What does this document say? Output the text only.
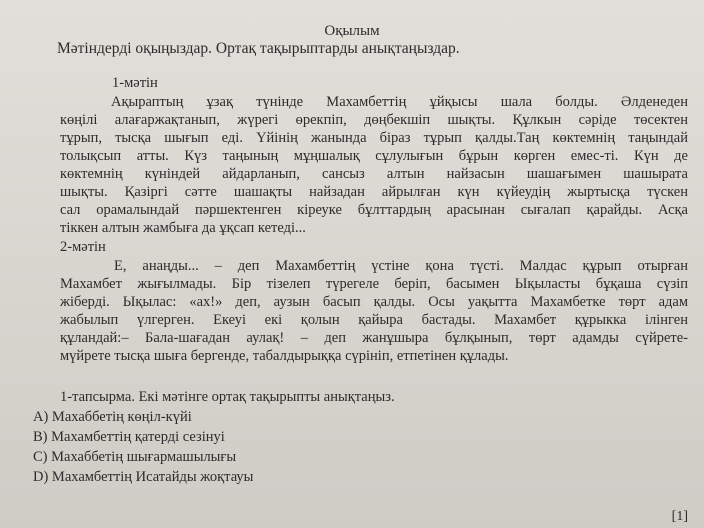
Оқылым
Мәтіндерді оқыңыздар. Ортақ тақырыптарды анықтаңыздар.
1-мәтін
Ақыраптың ұзақ түнінде Махамбеттің ұйқысы шала болды. Әлденеден
көңілі алағаржақтанып, жүрегі өрекпіп, дөңбекшіп шықты. Құлкын сәріде төсектен
тұрып, тысқа шығып еді. Үйінің жанында біраз тұрып қалды.Таң көктемнің таңындай
толықсып атты. Күз таңының мұңшалық сұлулығын бұрын көрген емес-ті. Күн де
көктемнің күніндей айдарланып, сансыз алтын найзасын шашағымен шашырата
шықты. Қазіргі сәтте шашақты найзадан айрылған күн күйеудің жыртысқа түскен
сал орамалындай пәршектенген кіреуке бұлттардың арасынан сығалап қарайды. Асқа
тіккен алтын жамбыға да ұқсап кетеді...
2-мәтін
Е, анаңды... – деп Махамбеттің үстіне қона түсті. Малдас құрып отырған
Махамбет жығылмады. Бір тізелеп түрегеле беріп, басымен Ықыласты бұқаша сүзіп
жіберді. Ықылас: «ах!» деп, аузын басып қалды. Осы уақытта Махамбетке төрт адам
жабылып үлгерген. Екеуі екі қолын қайыра бастады. Махамбет құрыкка ілінген
құландай:– Бала-шағадан аулақ! – деп жанұшыра бұлқынып, төрт адамды сүйрете-
мүйрете тысқа шыға бергенде, табалдырыққа сүрініп, етпетінен құлады.
1-тапсырма. Екі мәтінге ортақ тақырыпты анықтаңыз.
A) Махаббетің көңіл-күйі
B) Махамбеттің қатерді сезінуі
C) Махаббетің шығармашылығы
D) Махамбеттің Исатайды жоқтауы
[1]
